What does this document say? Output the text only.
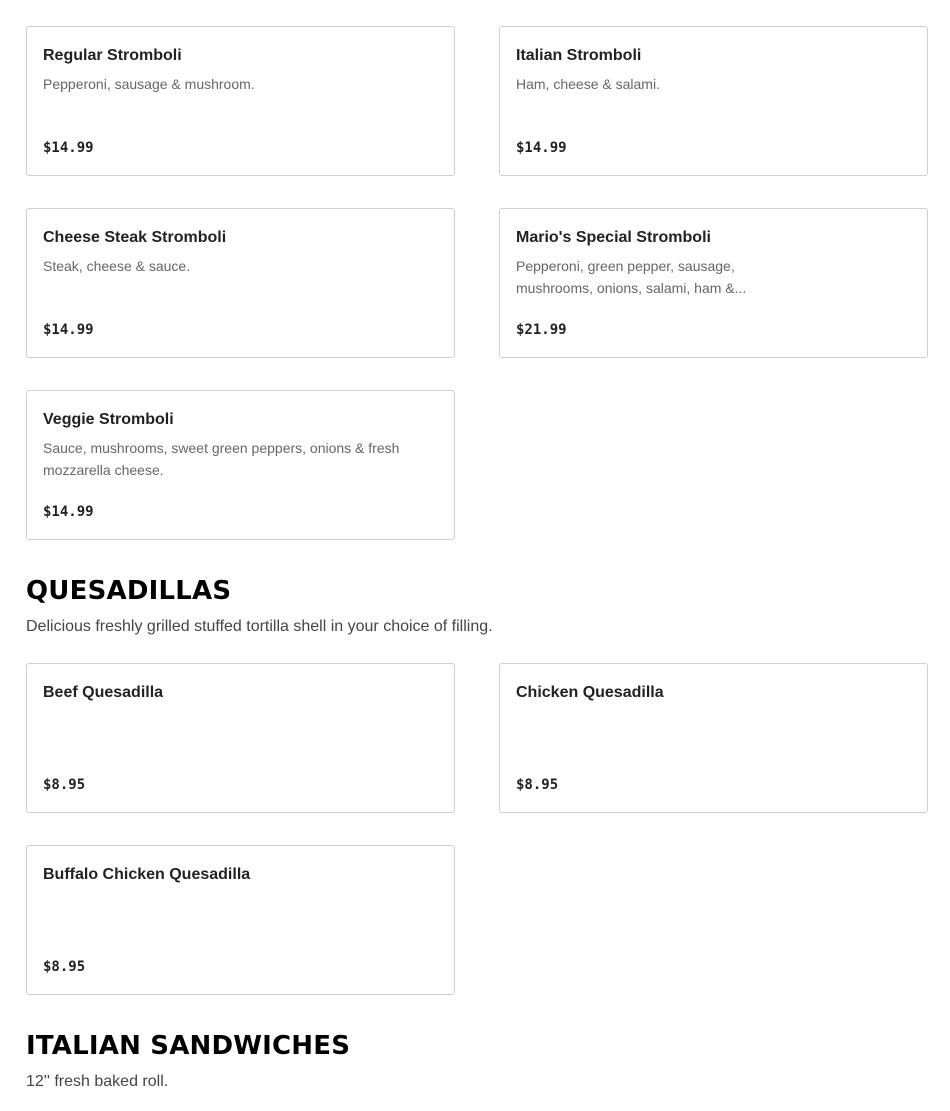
Regular Stromboli
Pepperoni, sausage & mushroom.
$14.99
Italian Stromboli
Ham, cheese & salami.
$14.99
Cheese Steak Stromboli
Steak, cheese & sauce.
$14.99
Mario's Special Stromboli
Pepperoni, green pepper, sausage, mushrooms, onions, salami, ham &...
$21.99
Veggie Stromboli
Sauce, mushrooms, sweet green peppers, onions & fresh mozzarella cheese.
$14.99
QUESADILLAS
Delicious freshly grilled stuffed tortilla shell in your choice of filling.
Beef Quesadilla
$8.95
Chicken Quesadilla
$8.95
Buffalo Chicken Quesadilla
$8.95
ITALIAN SANDWICHES
12'' fresh baked roll.
